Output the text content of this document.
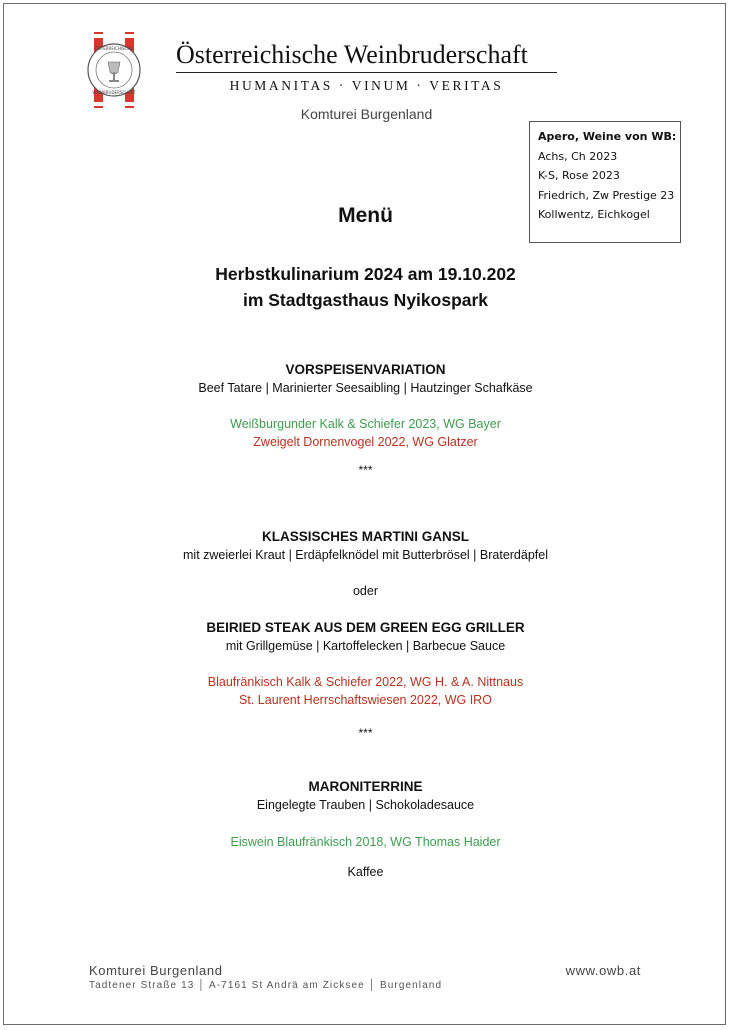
ÖSTERREICHISCHE
WEINBRUDERSCHAFT
Österreichische Weinbruderschaft
HUMANITAS · VINUM · VERITAS
Komturei Burgenland
Apero, Weine von WB:
Achs, Ch 2023
K-S, Rose 2023
Friedrich, Zw Prestige 23
Kollwentz, Eichkogel
Menü
Herbstkulinarium 2024 am 19.10.202
im Stadtgasthaus Nyikospark
VORSPEISENVARIATION
Beef Tatare | Marinierter Seesaibling | Hautzinger Schafkäse
Weißburgunder Kalk & Schiefer 2023, WG Bayer
Zweigelt Dornenvogel 2022, WG Glatzer
***
KLASSISCHES MARTINI GANSL
mit zweierlei Kraut | Erdäpfelknödel mit Butterbrösel | Braterdäpfel
oder
BEIRIED STEAK AUS DEM GREEN EGG GRILLER
mit Grillgemüse | Kartoffelecken | Barbecue Sauce
Blaufränkisch Kalk & Schiefer 2022, WG H. & A. Nittnaus
St. Laurent Herrschaftswiesen 2022, WG IRO
***
MARONITERRINE
Eingelegte Trauben | Schokoladesauce
Eiswein Blaufränkisch 2018, WG Thomas Haider
Kaffee
Komturei Burgenland	www.owb.at
Tadtener Straße 13 │ A-7161 St Andrä am Zicksee │ Burgenland
